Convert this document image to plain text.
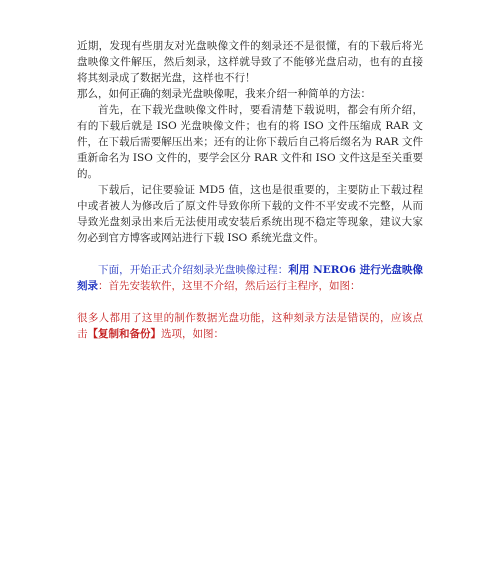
近期，发现有些朋友对光盘映像文件的刻录还不是很懂，有的下载后将光盘映像文件解压，然后刻录，这样就导致了不能够光盘启动，也有的直接将其刻录成了数据光盘，这样也不行！

那么，如何正确的刻录光盘映像呢，我来介绍一种简单的方法：

首先，在下载光盘映像文件时，要看清楚下载说明，都会有所介绍，有的下载后就是 ISO 光盘映像文件；也有的将 ISO 文件压缩成 RAR 文件，在下载后需要解压出来；还有的让你下载后自己将后缀名为 RAR 文件重新命名为 ISO 文件的，要学会区分 RAR 文件和 ISO 文件这是至关重要的。

下载后，记住要验证 MD5 值，这也是很重要的，主要防止下载过程中或者被人为修改后了原文件导致你所下载的文件不平安或不完整，从而导致光盘刻录出来后无法使用或安装后系统出现不稳定等现象，建议大家勿必到官方博客或网站进行下载 ISO 系统光盘文件。

下面，开始正式介绍刻录光盘映像过程：利用 NERO6 进行光盘映像刻录：首先安装软件，这里不介绍，然后运行主程序，如图：

很多人都用了这里的制作数据光盘功能，这种刻录方法是错误的，应该点击【复制和备份】选项，如图：
